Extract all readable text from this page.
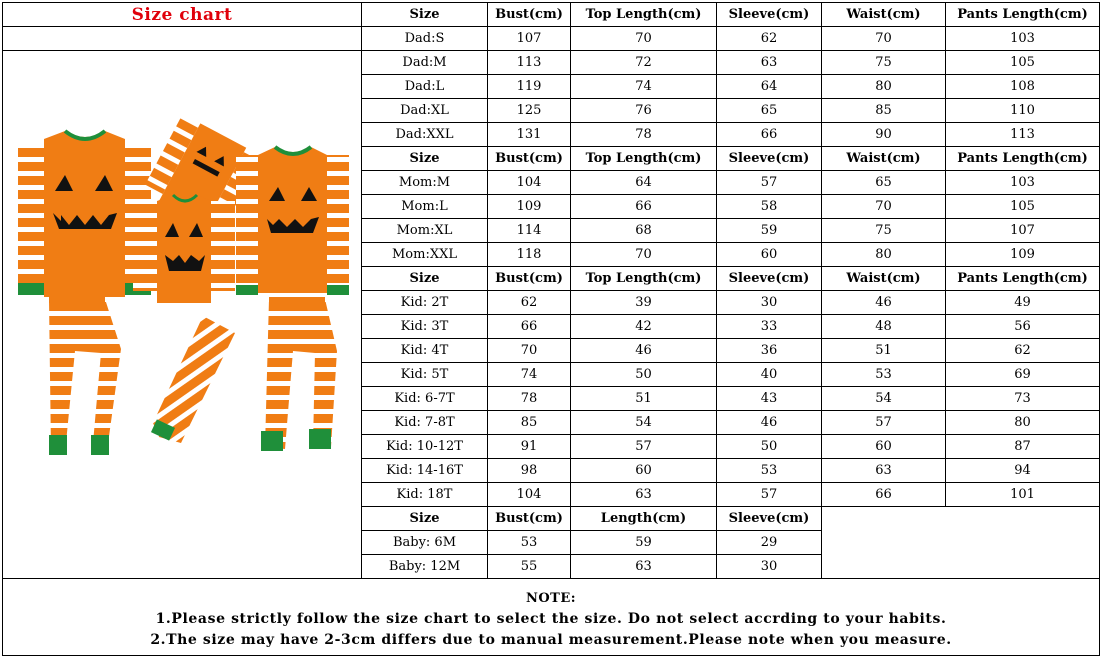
Size chart	Size	Bust(cm)	Top Length(cm)	Sleeve(cm)	Waist(cm)	Pants Length(cm)
Dad:S	107	70	62	70	103
Dad:M	113	72	63	75	105
Dad:L	119	74	64	80	108
Dad:XL	125	76	65	85	110
Dad:XXL	131	78	66	90	113
Size	Bust(cm)	Top Length(cm)	Sleeve(cm)	Waist(cm)	Pants Length(cm)
Mom:M	104	64	57	65	103
Mom:L	109	66	58	70	105
Mom:XL	114	68	59	75	107
Mom:XXL	118	70	60	80	109
Size	Bust(cm)	Top Length(cm)	Sleeve(cm)	Waist(cm)	Pants Length(cm)
Kid: 2T	62	39	30	46	49
Kid: 3T	66	42	33	48	56
Kid: 4T	70	46	36	51	62
Kid: 5T	74	50	40	53	69
Kid: 6-7T	78	51	43	54	73
Kid: 7-8T	85	54	46	57	80
Kid: 10-12T	91	57	50	60	87
Kid: 14-16T	98	60	53	63	94
Kid: 18T	104	63	57	66	101
Size	Bust(cm)	Length(cm)	Sleeve(cm)
Baby: 6M	53	59	29
Baby: 12M	55	63	30
NOTE:
1.Please strictly follow the size chart to select the size. Do not select accrding to your habits.
2.The size may have 2-3cm differs due to manual measurement.Please note when you measure.
